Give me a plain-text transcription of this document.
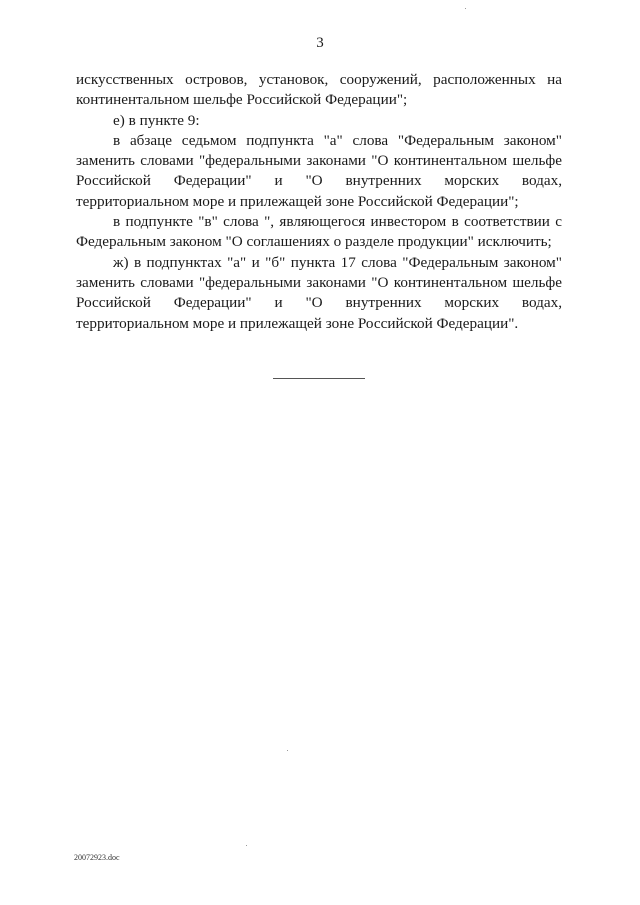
3

искусственных островов, установок, сооружений, расположенных на континентальном шельфе Российской Федерации";

е) в пункте 9:

в абзаце седьмом подпункта "а" слова "Федеральным законом" заменить словами "федеральными законами "О континентальном шельфе Российской Федерации" и "О внутренних морских водах, территориальном море и прилежащей зоне Российской Федерации";

в подпункте "в" слова ", являющегося инвестором в соответствии с Федеральным законом "О соглашениях о разделе продукции" исключить;

ж) в подпунктах "а" и "б" пункта 17 слова "Федеральным законом" заменить словами "федеральными законами "О континентальном шельфе Российской Федерации" и "О внутренних морских водах, территориальном море и прилежащей зоне Российской Федерации".

20072923.doc
